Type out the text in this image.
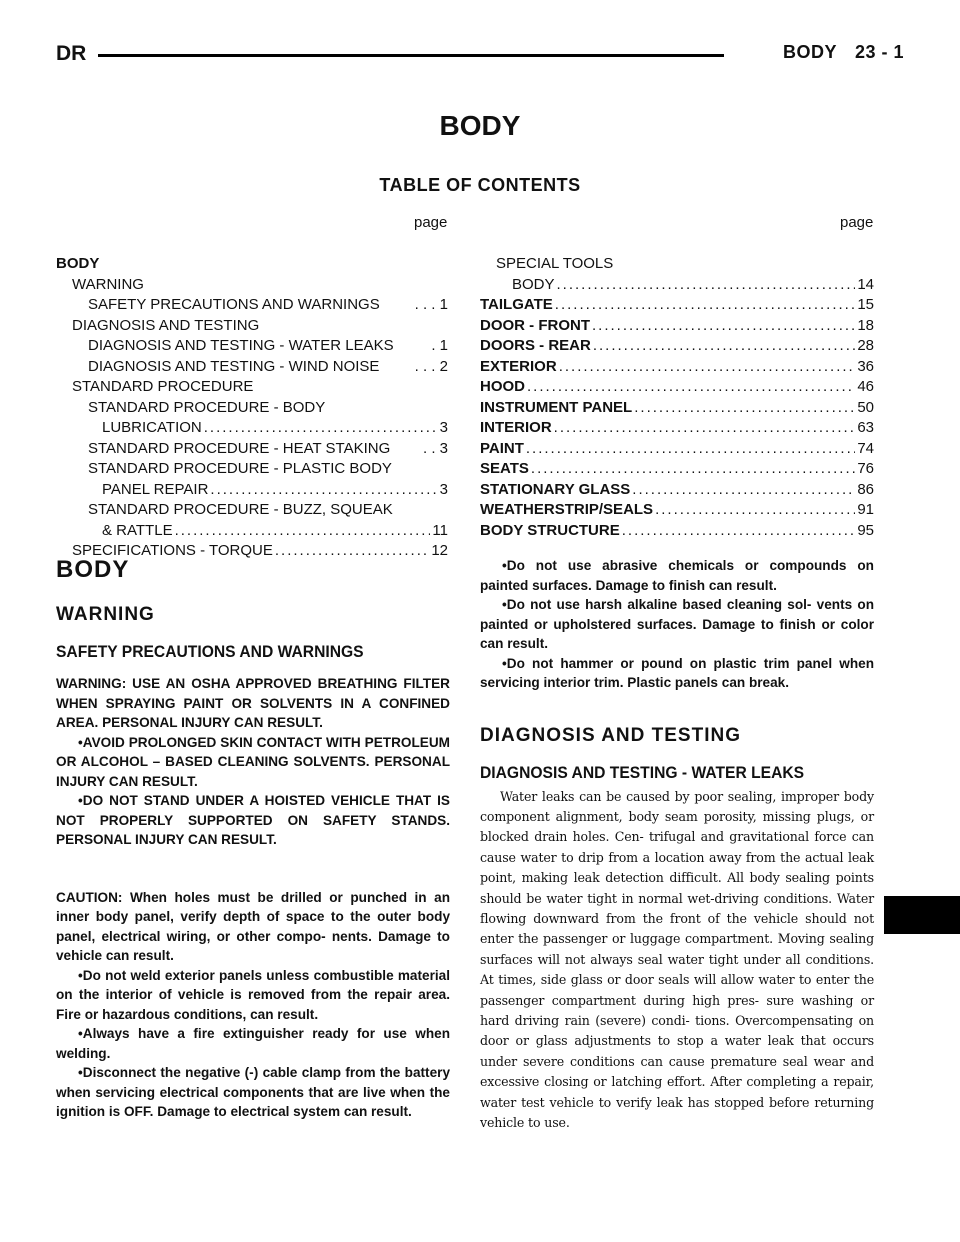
DR	BODY 23 - 1
BODY
TABLE OF CONTENTS
page	page
BODY
WARNING
SAFETY PRECAUTIONS AND WARNINGS . . . 1
DIAGNOSIS AND TESTING
DIAGNOSIS AND TESTING - WATER LEAKS	. 1
DIAGNOSIS AND TESTING - WIND NOISE . . . 2
STANDARD PROCEDURE
STANDARD PROCEDURE - BODY
LUBRICATION .....	3
STANDARD PROCEDURE - HEAT STAKING . . 3
STANDARD PROCEDURE - PLASTIC BODY
PANEL REPAIR .....	3
STANDARD PROCEDURE - BUZZ, SQUEAK
& RATTLE .....	11
SPECIFICATIONS - TORQUE .....	12
SPECIAL TOOLS
BODY .....	14
TAILGATE .....	15
DOOR - FRONT .....	18
DOORS - REAR .....	28
EXTERIOR .....	36
HOOD .....	46
INSTRUMENT PANEL .....	50
INTERIOR .....	63
PAINT .....	74
SEATS .....	76
STATIONARY GLASS .....	86
WEATHERSTRIP/SEALS .....	91
BODY STRUCTURE .....	95
BODY
WARNING
SAFETY PRECAUTIONS AND WARNINGS

WARNING: USE AN OSHA APPROVED BREATHING FILTER WHEN SPRAYING PAINT OR SOLVENTS IN A CONFINED AREA. PERSONAL INJURY CAN RESULT.

•AVOID PROLONGED SKIN CONTACT WITH PETROLEUM OR ALCOHOL – BASED CLEANING SOLVENTS. PERSONAL INJURY CAN RESULT.

•DO NOT STAND UNDER A HOISTED VEHICLE THAT IS NOT PROPERLY SUPPORTED ON SAFETY STANDS. PERSONAL INJURY CAN RESULT.

CAUTION: When holes must be drilled or punched in an inner body panel, verify depth of space to the outer body panel, electrical wiring, or other compo- nents. Damage to vehicle can result.

•Do not weld exterior panels unless combustible material on the interior of vehicle is removed from the repair area. Fire or hazardous conditions, can result.

•Always have a fire extinguisher ready for use when welding.

•Disconnect the negative (-) cable clamp from the battery when servicing electrical components that are live when the ignition is OFF. Damage to electrical system can result.

•Do not use abrasive chemicals or compounds on painted surfaces. Damage to finish can result.

•Do not use harsh alkaline based cleaning sol- vents on painted or upholstered surfaces. Damage to finish or color can result.

•Do not hammer or pound on plastic trim panel when servicing interior trim. Plastic panels can break.

DIAGNOSIS AND TESTING
DIAGNOSIS AND TESTING - WATER LEAKS

Water leaks can be caused by poor sealing, improper body component alignment, body seam porosity, missing plugs, or blocked drain holes. Cen- trifugal and gravitational force can cause water to drip from a location away from the actual leak point, making leak detection difficult. All body sealing points should be water tight in normal wet-driving conditions. Water flowing downward from the front of the vehicle should not enter the passenger or luggage compartment. Moving sealing surfaces will not always seal water tight under all conditions. At times, side glass or door seals will allow water to enter the passenger compartment during high pres- sure washing or hard driving rain (severe) condi- tions. Overcompensating on door or glass adjustments to stop a water leak that occurs under severe conditions can cause premature seal wear and excessive closing or latching effort. After completing a repair, water test vehicle to verify leak has stopped before returning vehicle to use.
